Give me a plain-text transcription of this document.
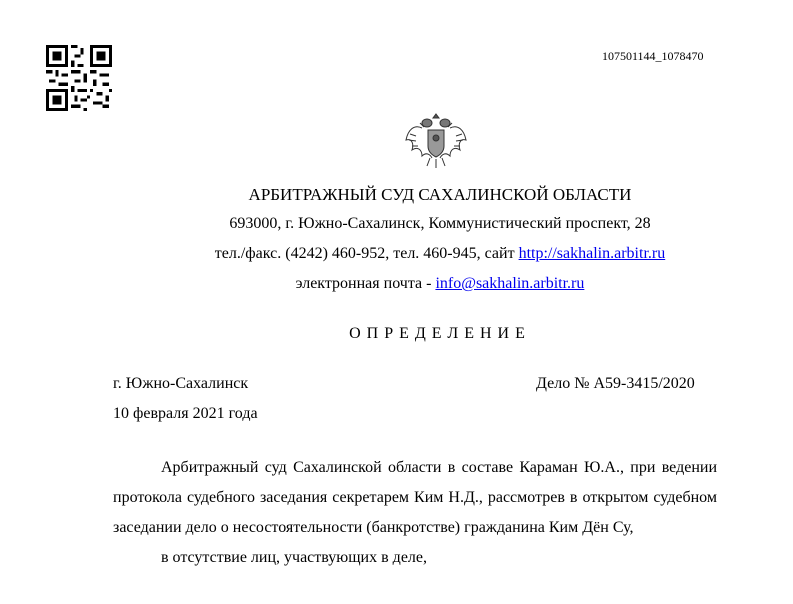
107501144_1078470
АРБИТРАЖНЫЙ СУД САХАЛИНСКОЙ ОБЛАСТИ
693000, г. Южно-Сахалинск, Коммунистический проспект, 28
тел./факс. (4242) 460-952, тел. 460-945, сайт http://sakhalin.arbitr.ru
электронная почта - info@sakhalin.arbitr.ru
ОПРЕДЕЛЕНИЕ
г. Южно-Сахалинск	Дело № А59-3415/2020
10 февраля 2021 года

Арбитражный суд Сахалинской области в составе Караман Ю.А., при ведении протокола судебного заседания секретарем Ким Н.Д., рассмотрев в открытом судебном заседании дело о несостоятельности (банкротстве) гражданина Ким Дён Су,

в отсутствие лиц, участвующих в деле,
